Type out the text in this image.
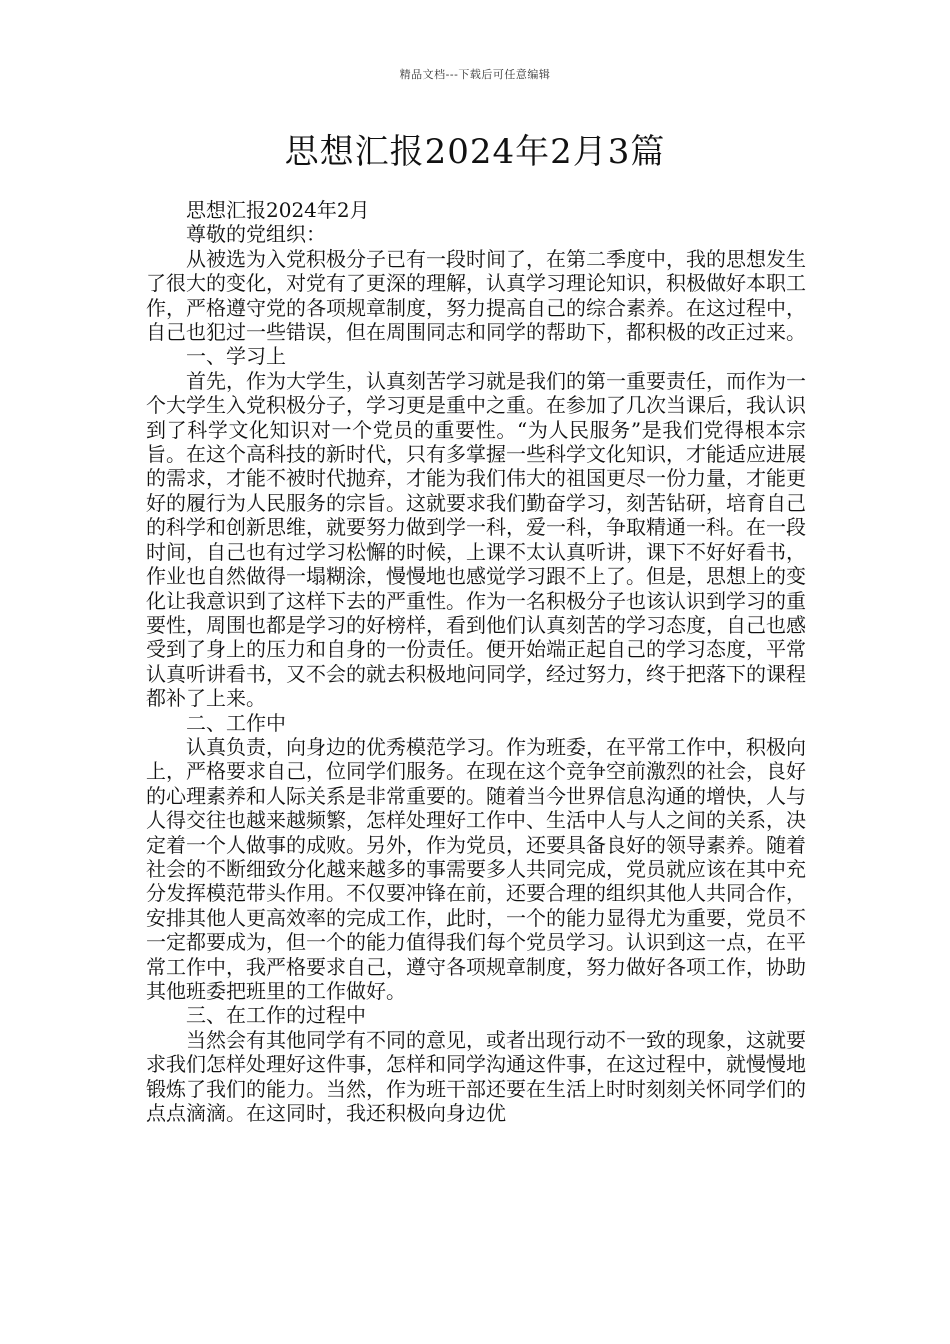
精品文档---下载后可任意编辑
思想汇报2024年2月3篇

思想汇报2024年2月

尊敬的党组织：

从被选为入党积极分子已有一段时间了，在第二季度中，我的思想发生了很大的变化，对党有了更深的理解，认真学习理论知识，积极做好本职工作，严格遵守党的各项规章制度，努力提高自己的综合素养。在这过程中，自己也犯过一些错误，但在周围同志和同学的帮助下，都积极的改正过来。

一、学习上

首先，作为大学生，认真刻苦学习就是我们的第一重要责任，而作为一个大学生入党积极分子，学习更是重中之重。在参加了几次当课后，我认识到了科学文化知识对一个党员的重要性。“为人民服务”是我们党得根本宗旨。在这个高科技的新时代，只有多掌握一些科学文化知识，才能适应进展的需求，才能不被时代抛弃，才能为我们伟大的祖国更尽一份力量，才能更好的履行为人民服务的宗旨。这就要求我们勤奋学习，刻苦钻研，培育自己的科学和创新思维，就要努力做到学一科，爱一科，争取精通一科。在一段时间，自己也有过学习松懈的时候，上课不太认真听讲，课下不好好看书，作业也自然做得一塌糊涂，慢慢地也感觉学习跟不上了。但是，思想上的变化让我意识到了这样下去的严重性。作为一名积极分子也该认识到学习的重要性，周围也都是学习的好榜样，看到他们认真刻苦的学习态度，自己也感受到了身上的压力和自身的一份责任。便开始端正起自己的学习态度，平常认真听讲看书，又不会的就去积极地问同学，经过努力，终于把落下的课程都补了上来。

二、工作中

认真负责，向身边的优秀模范学习。作为班委，在平常工作中，积极向上，严格要求自己，位同学们服务。在现在这个竞争空前激烈的社会，良好的心理素养和人际关系是非常重要的。随着当今世界信息沟通的增快，人与人得交往也越来越频繁，怎样处理好工作中、生活中人与人之间的关系，决定着一个人做事的成败。另外，作为党员，还要具备良好的领导素养。随着社会的不断细致分化越来越多的事需要多人共同完成，党员就应该在其中充分发挥模范带头作用。不仅要冲锋在前，还要合理的组织其他人共同合作，安排其他人更高效率的完成工作，此时，一个的能力显得尤为重要，党员不一定都要成为，但一个的能力值得我们每个党员学习。认识到这一点，在平常工作中，我严格要求自己，遵守各项规章制度，努力做好各项工作，协助其他班委把班里的工作做好。

三、在工作的过程中

当然会有其他同学有不同的意见，或者出现行动不一致的现象，这就要求我们怎样处理好这件事，怎样和同学沟通这件事，在这过程中，就慢慢地锻炼了我们的能力。当然，作为班干部还要在生活上时时刻刻关怀同学们的点点滴滴。在这同时，我还积极向身边优
